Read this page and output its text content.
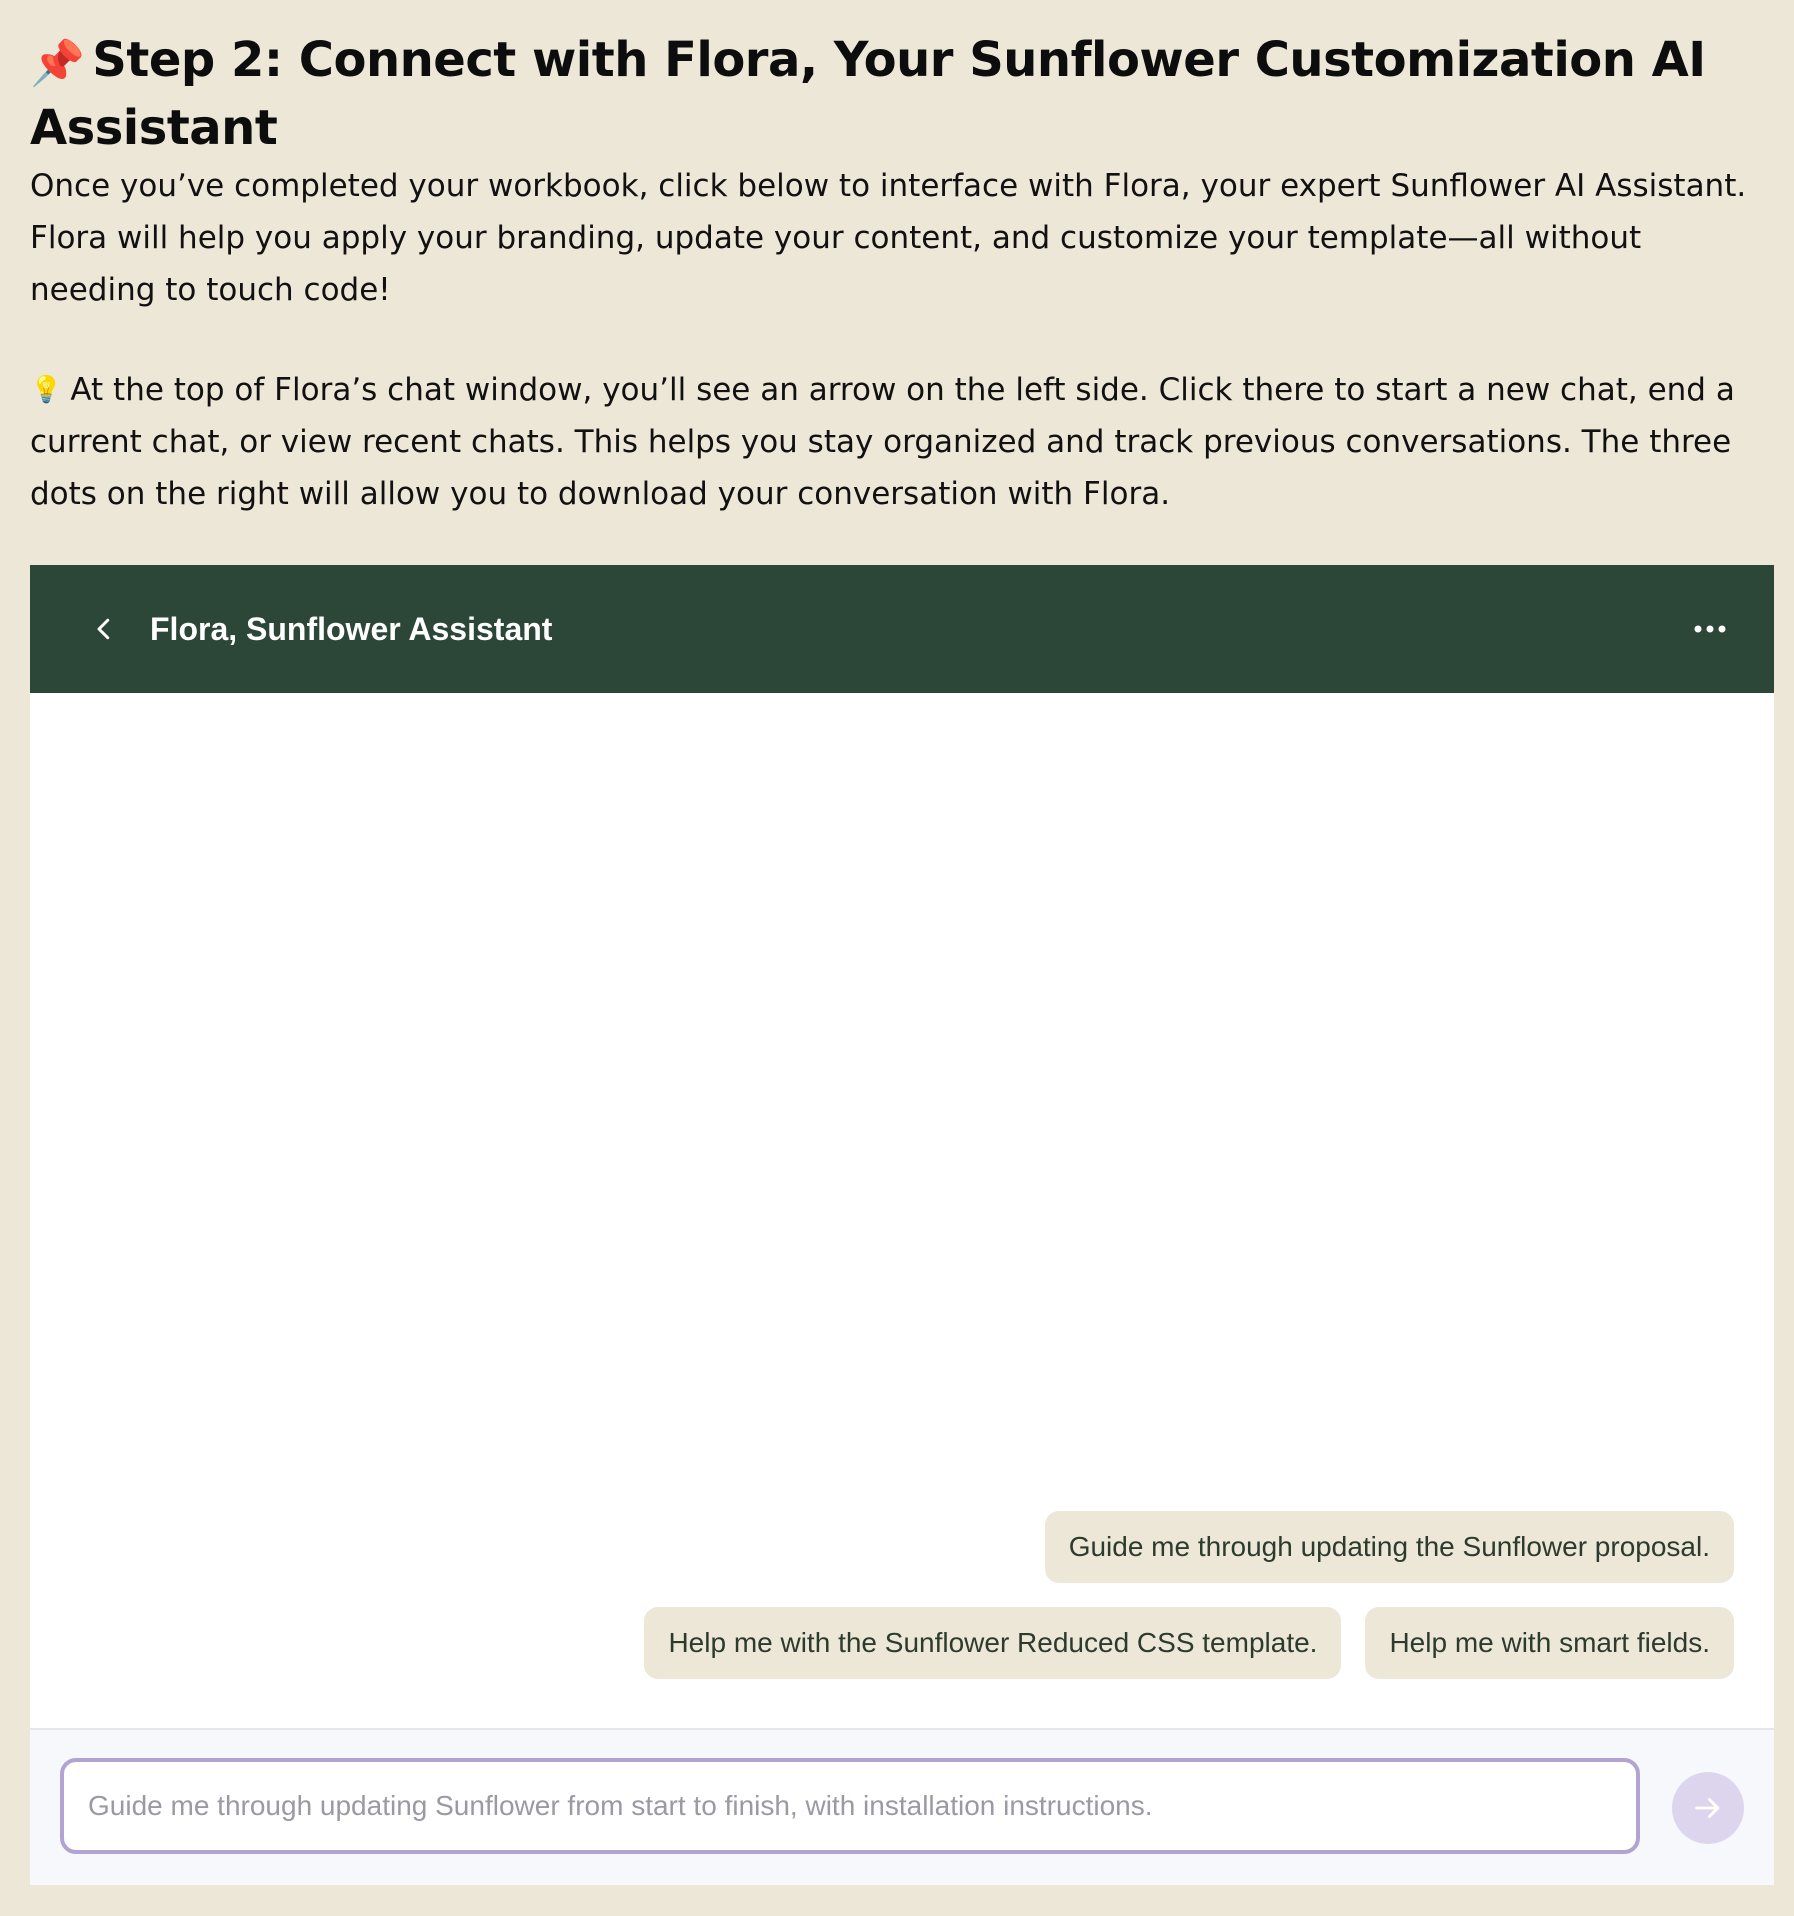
📌 Step 2: Connect with Flora, Your Sunflower Customization AI Assistant

Once you’ve completed your workbook, click below to interface with Flora, your expert Sunflower AI Assistant. Flora will help you apply your branding, update your content, and customize your template—all without needing to touch code!

💡 At the top of Flora’s chat window, you’ll see an arrow on the left side. Click there to start a new chat, end a current chat, or view recent chats. This helps you stay organized and track previous conversations. The three dots on the right will allow you to download your conversation with Flora.

Flora, Sunflower Assistant
Guide me through updating the Sunflower proposal.
Help me with the Sunflower Reduced CSS template.	Help me with smart fields.
Guide me through updating Sunflower from start to finish, with installation instructions.
